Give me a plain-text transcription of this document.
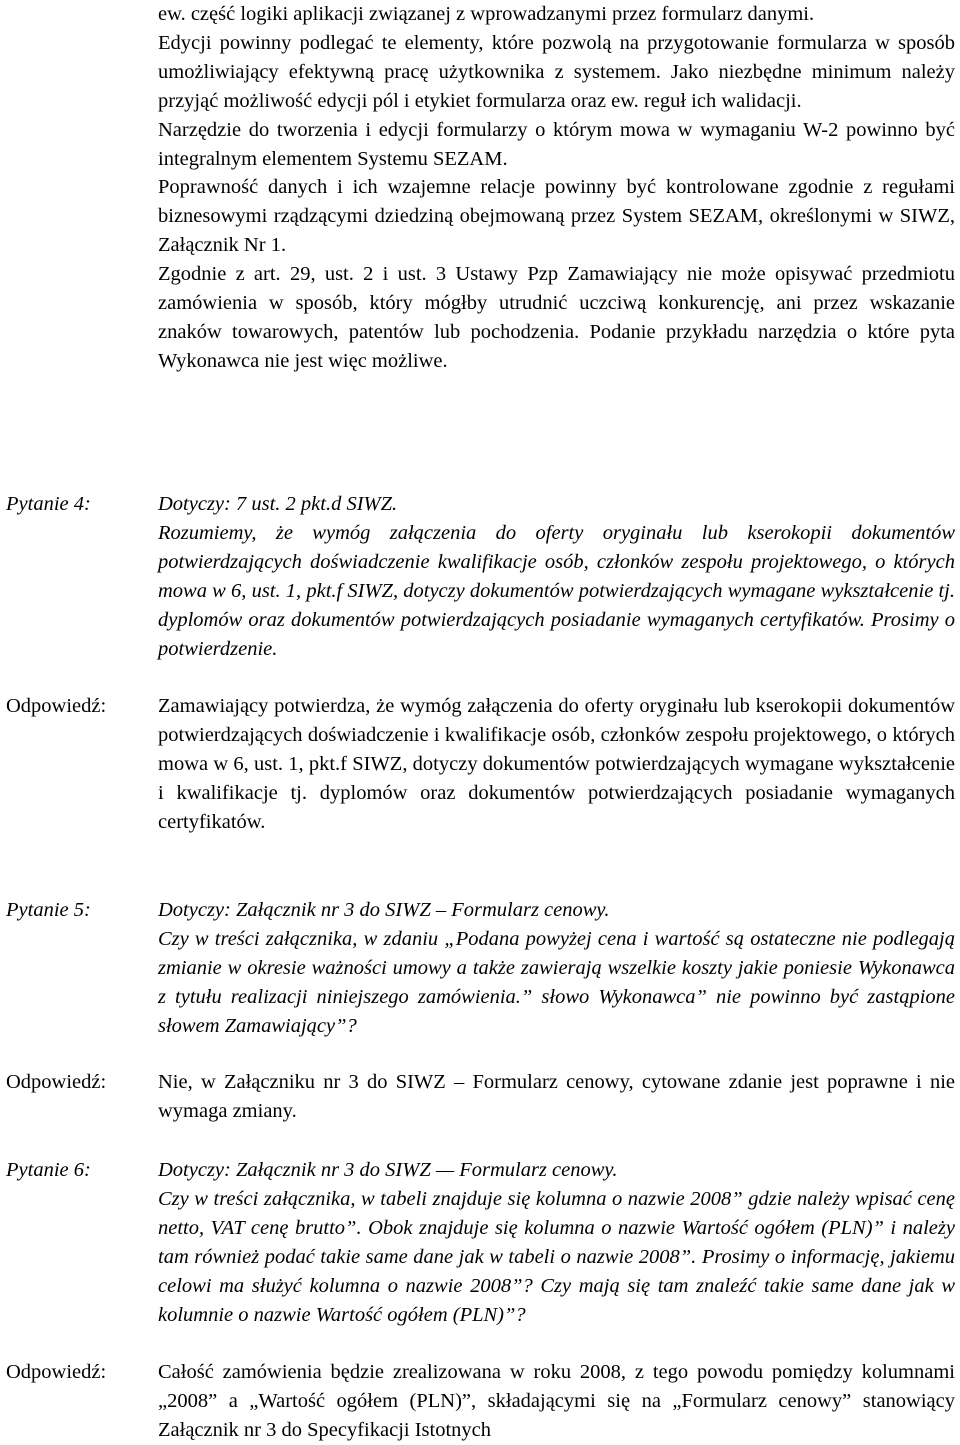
ew. część logiki aplikacji związanej z wprowadzanymi przez formularz danymi.

Edycji powinny podlegać te elementy, które pozwolą na przygotowanie formularza w sposób umożliwiający efektywną pracę użytkownika z systemem. Jako niezbędne minimum należy przyjąć możliwość edycji pól i etykiet formularza oraz ew. reguł ich walidacji.

Narzędzie do tworzenia i edycji formularzy o którym mowa w wymaganiu W-2 powinno być integralnym elementem Systemu SEZAM.

Poprawność danych i ich wzajemne relacje powinny być kontrolowane zgodnie z regułami biznesowymi rządzącymi dziedziną obejmowaną przez System SEZAM, określonymi w SIWZ, Załącznik Nr 1.

Zgodnie z art. 29, ust. 2 i ust. 3 Ustawy Pzp Zamawiający nie może opisywać przedmiotu zamówienia w sposób, który mógłby utrudnić uczciwą konkurencję, ani przez wskazanie znaków towarowych, patentów lub pochodzenia. Podanie przykładu narzędzia o które pyta Wykonawca nie jest więc możliwe.

Pytanie 4:	Dotyczy: 7 ust. 2 pkt.d SIWZ.

Rozumiemy, że wymóg załączenia do oferty oryginału lub kserokopii dokumentów potwierdzających doświadczenie kwalifikacje osób, członków zespołu projektowego, o których mowa w 6, ust. 1, pkt.f SIWZ, dotyczy dokumentów potwierdzających wymagane wykształcenie tj. dyplomów oraz dokumentów potwierdzających posiadanie wymaganych certyfikatów. Prosimy o potwierdzenie.

Odpowiedź:	Zamawiający potwierdza, że wymóg załączenia do oferty oryginału lub kserokopii dokumentów potwierdzających doświadczenie i kwalifikacje osób, członków zespołu projektowego, o których mowa w 6, ust. 1, pkt.f SIWZ, dotyczy dokumentów potwierdzających wymagane wykształcenie i kwalifikacje tj. dyplomów oraz dokumentów potwierdzających posiadanie wymaganych certyfikatów.

Pytanie 5:	Dotyczy: Załącznik nr 3 do SIWZ – Formularz cenowy.

Czy w treści załącznika, w zdaniu „Podana powyżej cena i wartość są ostateczne nie podlegają zmianie w okresie ważności umowy a także zawierają wszelkie koszty jakie poniesie Wykonawca z tytułu realizacji niniejszego zamówienia.” słowo Wykonawca” nie powinno być zastąpione słowem Zamawiający”?

Odpowiedź:	Nie, w Załączniku nr 3 do SIWZ – Formularz cenowy, cytowane zdanie jest poprawne i nie wymaga zmiany.

Pytanie 6:	Dotyczy: Załącznik nr 3 do SIWZ — Formularz cenowy.

Czy w treści załącznika, w tabeli znajduje się kolumna o nazwie 2008” gdzie należy wpisać cenę netto, VAT cenę brutto”. Obok znajduje się kolumna o nazwie Wartość ogółem (PLN)” i należy tam również podać takie same dane jak w tabeli o nazwie 2008”. Prosimy o informację, jakiemu celowi ma służyć kolumna o nazwie 2008”? Czy mają się tam znaleźć takie same dane jak w kolumnie o nazwie Wartość ogółem (PLN)”?

Odpowiedź:	Całość zamówienia będzie zrealizowana w roku 2008, z tego powodu pomiędzy kolumnami „2008” a „Wartość ogółem (PLN)”, składającymi się na „Formularz cenowy” stanowiący Załącznik nr 3 do Specyfikacji Istotnych
